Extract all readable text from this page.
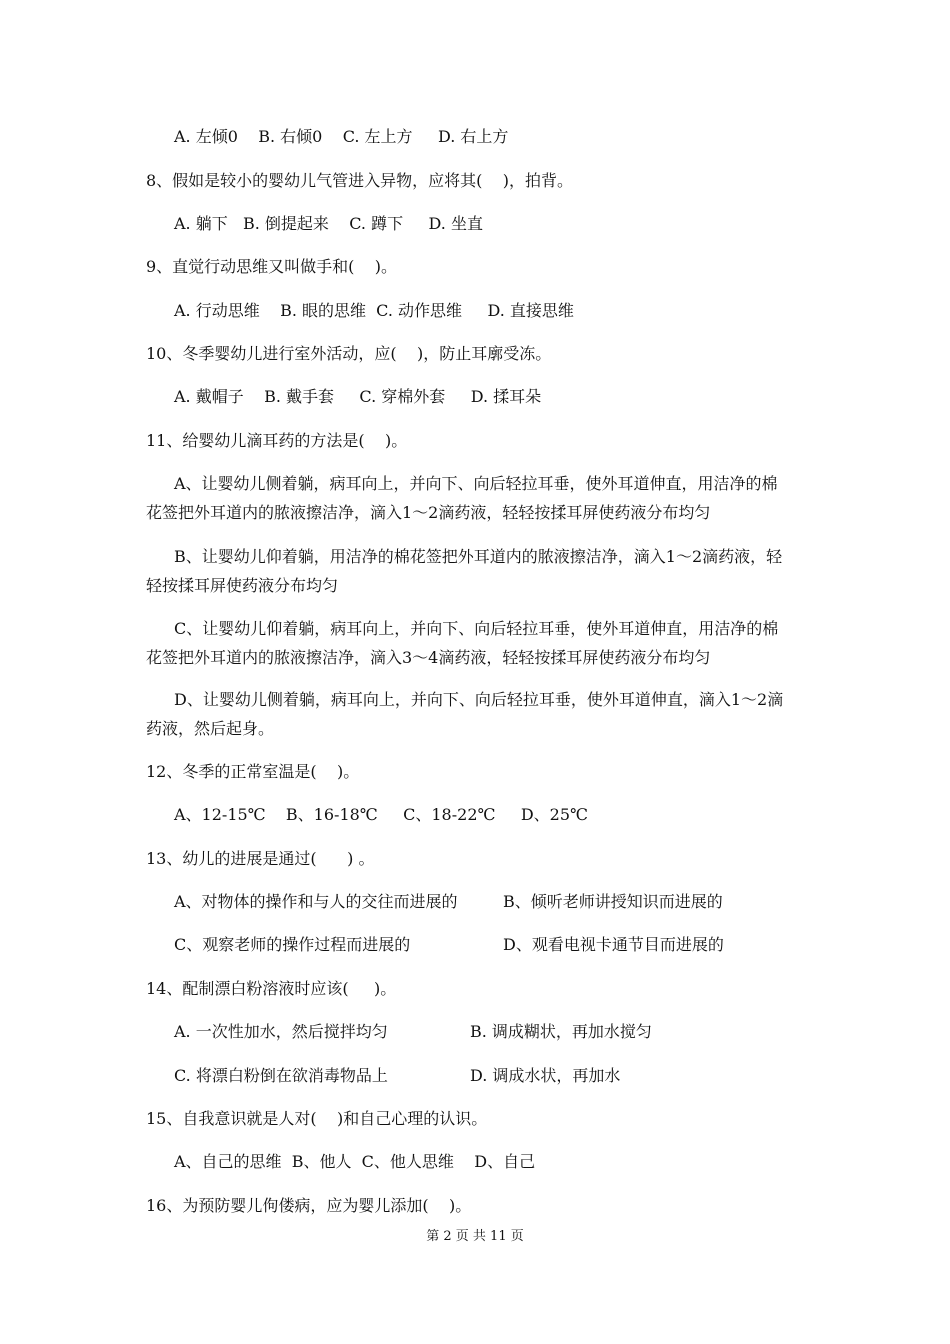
A. 左倾0    B. 右倾0    C. 左上方     D. 右上方
8、假如是较小的婴幼儿气管进入异物，应将其(    )，拍背。
A. 躺下   B. 倒提起来    C. 蹲下     D. 坐直
9、直觉行动思维又叫做手和(    )。
A. 行动思维    B. 眼的思维  C. 动作思维     D. 直接思维
10、冬季婴幼儿进行室外活动，应(    )，防止耳廓受冻。
A. 戴帽子    B. 戴手套     C. 穿棉外套     D. 揉耳朵
11、给婴幼儿滴耳药的方法是(    )。
A、让婴幼儿侧着躺，病耳向上，并向下、向后轻拉耳垂，使外耳道伸直，用洁净的棉
花签把外耳道内的脓液擦洁净，滴入1～2滴药液，轻轻按揉耳屏使药液分布均匀
B、让婴幼儿仰着躺，用洁净的棉花签把外耳道内的脓液擦洁净，滴入1～2滴药液，轻
轻按揉耳屏使药液分布均匀
C、让婴幼儿仰着躺，病耳向上，并向下、向后轻拉耳垂，使外耳道伸直，用洁净的棉
花签把外耳道内的脓液擦洁净，滴入3～4滴药液，轻轻按揉耳屏使药液分布均匀
D、让婴幼儿侧着躺，病耳向上，并向下、向后轻拉耳垂，使外耳道伸直，滴入1～2滴
药液，然后起身。
12、冬季的正常室温是(    )。
A、12-15℃    B、16-18℃     C、18-22℃     D、25℃
13、幼儿的进展是通过(      ) 。
A、对物体的操作和与人的交往而进展的	B、倾听老师讲授知识而进展的
C、观察老师的操作过程而进展的	D、观看电视卡通节目而进展的
14、配制漂白粉溶液时应该(     )。
A. 一次性加水，然后搅拌均匀	B. 调成糊状，再加水搅匀
C. 将漂白粉倒在欲消毒物品上	D. 调成水状，再加水
15、自我意识就是人对(    )和自己心理的认识。
A、自己的思维  B、他人  C、他人思维    D、自己
16、为预防婴儿佝偻病，应为婴儿添加(    )。
第 2 页 共 11 页
